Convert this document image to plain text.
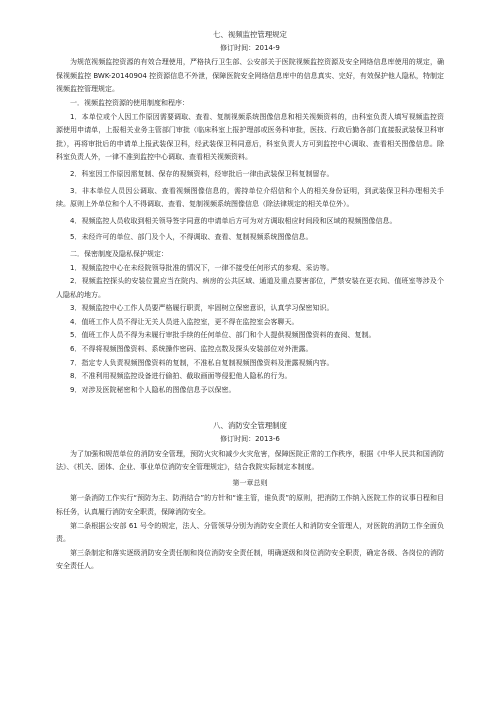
七、视频监控管理规定
修订时间：2014-9

为规范视频监控资源的有效合理使用，严格执行卫生部、公安部关于医院视频监控资源及安全网络信息库使用的规定，确保视频监控 BWK-20140904 控资源信息不外泄，保障医院安全网络信息库中的信息真实、完好，有效保护他人隐私，特制定视频监控管理规定。

一．视频监控资源的使用制度和程序：

1．本单位或个人因工作原因需要调取、查看、复制视频系统图像信息和相关视频资料的，由科室负责人填写视频监控资源使用申请单，上报相关业务主管部门审批（临床科室上报护理部或医务科审批，医技、行政后勤各部门直接报武装保卫科审批），再将审批后的申请单上报武装保卫科，经武装保卫科同意后，科室负责人方可到监控中心调取、查看相关图像信息。除科室负责人外，一律不准到监控中心调取、查看相关视频资料。

2．科室因工作原因需复制、保存的视频资料，经审批后一律由武装保卫科复制留存。

3．非本单位人员因公调取、查看视频图像信息的，需持单位介绍信和个人的相关身份证明，到武装保卫科办理相关手续。原则上外单位和个人不得调取、查看、复制视频系统图像信息（除法律规定的相关单位外）。

4．视频监控人员收取到相关领导签字同意的申请单后方可为对方调取相应时间段和区域的视频图像信息。

5．未经许可的单位、部门及个人，不得调取、查看、复制视频系统图像信息。

二．保密制度及隐私保护规定：

1．视频监控中心在未经院领导批准的情况下，一律不接受任何形式的参观、采访等。

2．视频监控探头的安装位置应当在院内、病房的公共区域、通道及重点要害部位，严禁安装在更衣间、值班室等涉及个人隐私的地方。

3．视频监控中心工作人员要严格履行职责，牢固树立保密意识，认真学习保密知识。

4．值班工作人员不得让无关人员进入监控室，更不得在监控室会客聊天。

5．值班工作人员不得为未履行审批手续的任何单位、部门和个人提供视频图像资料的查阅、复制。

6．不得将视频图像资料、系统操作密码、监控点数及探头安装部位对外泄露。

7．指定专人负责视频图像资料的复制，不准私自复制视频图像资料及泄露视频内容。

8．不准利用视频监控设备进行偷拍、截取画面等侵犯他人隐私的行为。

9．对涉及医院秘密和个人隐私的图像信息予以保密。

八、消防安全管理制度
修订时间：2013-6

为了加强和规范单位的消防安全管理，预防火灾和减少火灾危害，保障医院正常的工作秩序，根据《中华人民共和国消防法》、《机关、团体、企业、事业单位消防安全管理规定》，结合我院实际制定本制度。

第一章总则

第一条消防工作实行“预防为主、防消结合”的方针和“谁主管，谁负责”的原则，把消防工作纳入医院工作的议事日程和目标任务，认真履行消防安全职责，保障消防安全。

第二条根据公安部 61 号令的规定，法人、分管领导分别为消防安全责任人和消防安全管理人，对医院的消防工作全面负责。

第三条制定和落实逐级消防安全责任制和岗位消防安全责任制，明确逐级和岗位消防安全职责，确定各级、各岗位的消防安全责任人。
